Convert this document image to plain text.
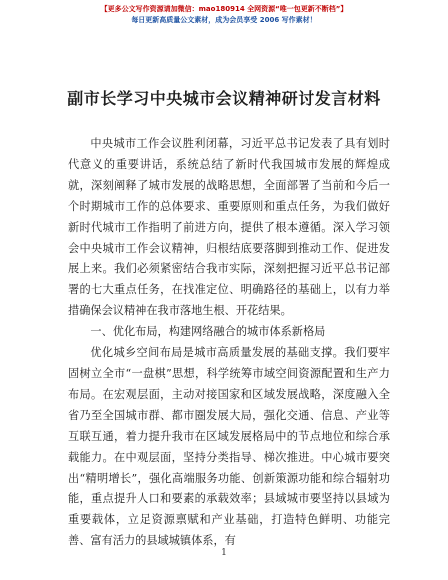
【更多公文写作资源请加微信：mao180914 全网资源“唯一包更新不断档”】
每日更新高质量公文素材，成为会员享受 2006 写作素材！
副市长学习中央城市会议精神研讨发言材料

中央城市工作会议胜利闭幕，习近平总书记发表了具有划时代意义的重要讲话，系统总结了新时代我国城市发展的辉煌成就，深刻阐释了城市发展的战略思想，全面部署了当前和今后一个时期城市工作的总体要求、重要原则和重点任务，为我们做好新时代城市工作指明了前进方向，提供了根本遵循。深入学习领会中央城市工作会议精神，归根结底要落脚到推动工作、促进发展上来。我们必须紧密结合我市实际，深刻把握习近平总书记部署的七大重点任务，在找准定位、明确路径的基础上，以有力举措确保会议精神在我市落地生根、开花结果。

一、优化布局，构建网络融合的城市体系新格局

优化城乡空间布局是城市高质量发展的基础支撑。我们要牢固树立全市“一盘棋”思想，科学统筹市域空间资源配置和生产力布局。在宏观层面，主动对接国家和区域发展战略，深度融入全省乃至全国城市群、都市圈发展大局，强化交通、信息、产业等互联互通，着力提升我市在区域发展格局中的节点地位和综合承载能力。在中观层面，坚持分类指导、梯次推进。中心城市要突出“精明增长”，强化高端服务功能、创新策源功能和综合辐射功能，重点提升人口和要素的承载效率；县域城市要坚持以县域为重要载体，立足资源禀赋和产业基础，打造特色鲜明、功能完善、富有活力的县域城镇体系，有

1
